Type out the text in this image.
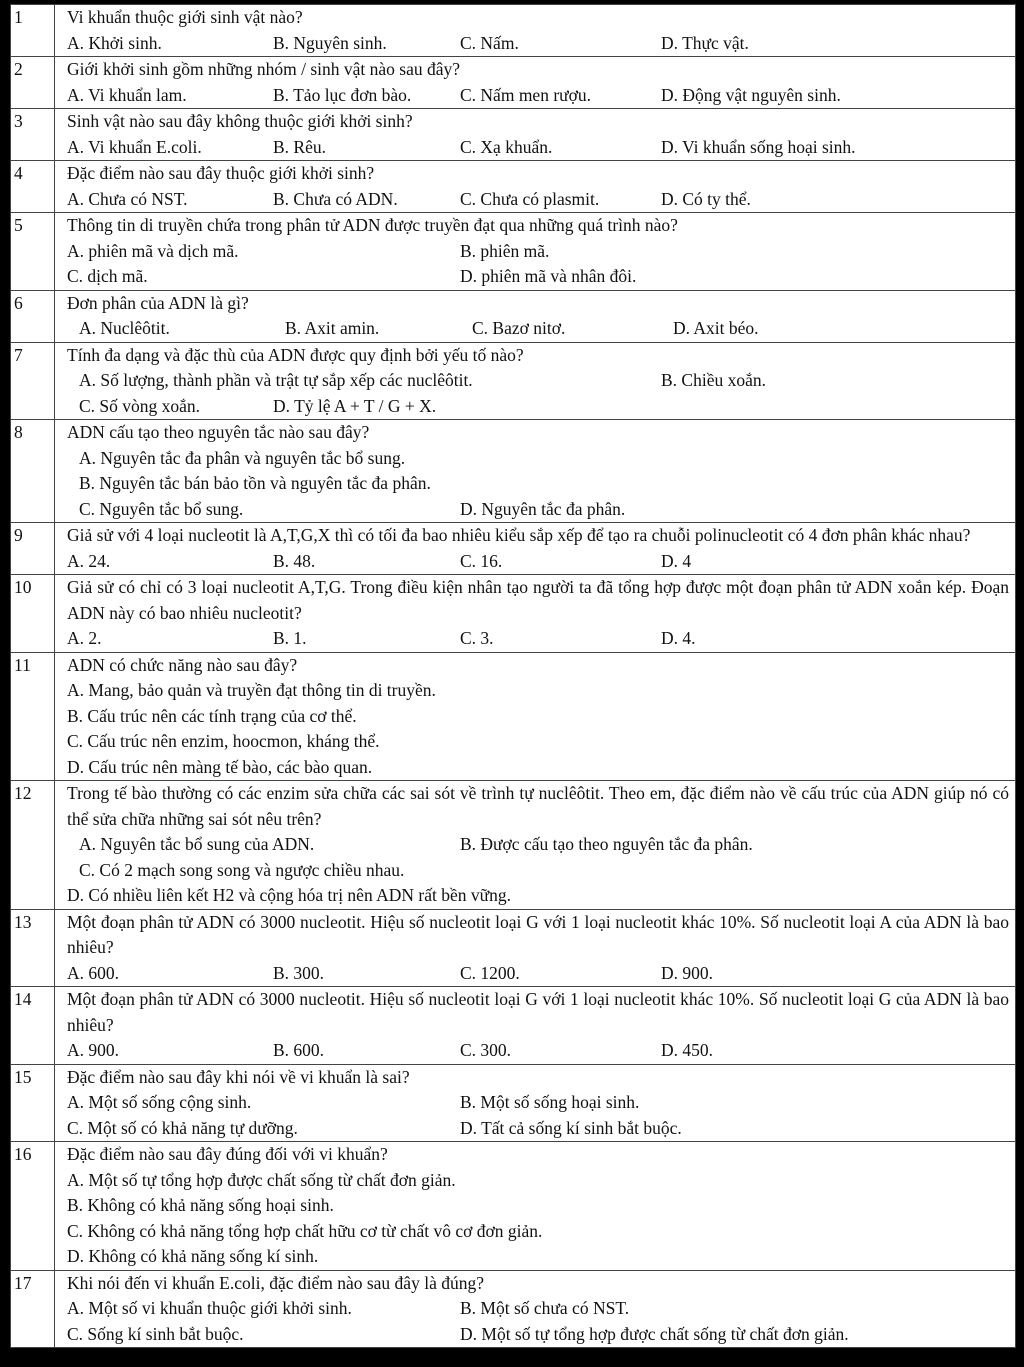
1	Vi khuẩn thuộc giới sinh vật nào?
A. Khởi sinh. B. Nguyên sinh. C. Nấm. D. Thực vật.

2	Giới khởi sinh gồm những nhóm / sinh vật nào sau đây?
A. Vi khuẩn lam. B. Tảo lục đơn bào. C. Nấm men rượu. D. Động vật nguyên sinh.

3	Sinh vật nào sau đây không thuộc giới khởi sinh?
A. Vi khuẩn E.coli. B. Rêu. C. Xạ khuẩn. D. Vi khuẩn sống hoại sinh.

4	Đặc điểm nào sau đây thuộc giới khởi sinh?
A. Chưa có NST. B. Chưa có ADN. C. Chưa có plasmit. D. Có ty thể.

5	Thông tin di truyền chứa trong phân tử ADN được truyền đạt qua những quá trình nào?
A. phiên mã và dịch mã. B. phiên mã.
C. dịch mã. D. phiên mã và nhân đôi.

6	Đơn phân của ADN là gì?
A. Nuclêôtit. B. Axit amin. C. Bazơ nitơ. D. Axit béo.

7	Tính đa dạng và đặc thù của ADN được quy định bởi yếu tố nào?
A. Số lượng, thành phần và trật tự sắp xếp các nuclêôtit. B. Chiều xoắn.
C. Số vòng xoắn. D. Tỷ lệ A + T / G + X.

8	ADN cấu tạo theo nguyên tắc nào sau đây?
A. Nguyên tắc đa phân và nguyên tắc bổ sung.
B. Nguyên tắc bán bảo tồn và nguyên tắc đa phân.
C. Nguyên tắc bổ sung. D. Nguyên tắc đa phân.

9	Giả sử với 4 loại nucleotit là A,T,G,X thì có tối đa bao nhiêu kiểu sắp xếp để tạo ra chuỗi polinucleotit có 4 đơn phân khác nhau?
A. 24. B. 48. C. 16. D. 4

10	Giả sử có chỉ có 3 loại nucleotit A,T,G. Trong điều kiện nhân tạo người ta đã tổng hợp được một đoạn phân tử ADN xoắn kép. Đoạn ADN này có bao nhiêu nucleotit?
A. 2. B. 1. C. 3. D. 4.

11	ADN có chức năng nào sau đây?
A. Mang, bảo quản và truyền đạt thông tin di truyền.
B. Cấu trúc nên các tính trạng của cơ thể.
C. Cấu trúc nên enzim, hoocmon, kháng thể.
D. Cấu trúc nên màng tế bào, các bào quan.

12	Trong tế bào thường có các enzim sửa chữa các sai sót về trình tự nuclêôtit. Theo em, đặc điểm nào về cấu trúc của ADN giúp nó có thể sửa chữa những sai sót nêu trên?
A. Nguyên tắc bổ sung của ADN. B. Được cấu tạo theo nguyên tắc đa phân.
C. Có 2 mạch song song và ngược chiều nhau.
D. Có nhiều liên kết H2 và cộng hóa trị nên ADN rất bền vững.

13	Một đoạn phân tử ADN có 3000 nucleotit. Hiệu số nucleotit loại G với 1 loại nucleotit khác 10%. Số nucleotit loại A của ADN là bao nhiêu?
A. 600. B. 300. C. 1200. D. 900.

14	Một đoạn phân tử ADN có 3000 nucleotit. Hiệu số nucleotit loại G với 1 loại nucleotit khác 10%. Số nucleotit loại G của ADN là bao nhiêu?
A. 900. B. 600. C. 300. D. 450.

15	Đặc điểm nào sau đây khi nói về vi khuẩn là sai?
A. Một số sống cộng sinh. B. Một số sống hoại sinh.
C. Một số có khả năng tự dưỡng. D. Tất cả sống kí sinh bắt buộc.

16	Đặc điểm nào sau đây đúng đối với vi khuẩn?
A. Một số tự tổng hợp được chất sống từ chất đơn giản.
B. Không có khả năng sống hoại sinh.
C. Không có khả năng tổng hợp chất hữu cơ từ chất vô cơ đơn giản.
D. Không có khả năng sống kí sinh.

17	Khi nói đến vi khuẩn E.coli, đặc điểm nào sau đây là đúng?
A. Một số vi khuẩn thuộc giới khởi sinh. B. Một số chưa có NST.
C. Sống kí sinh bắt buộc. D. Một số tự tổng hợp được chất sống từ chất đơn giản.
